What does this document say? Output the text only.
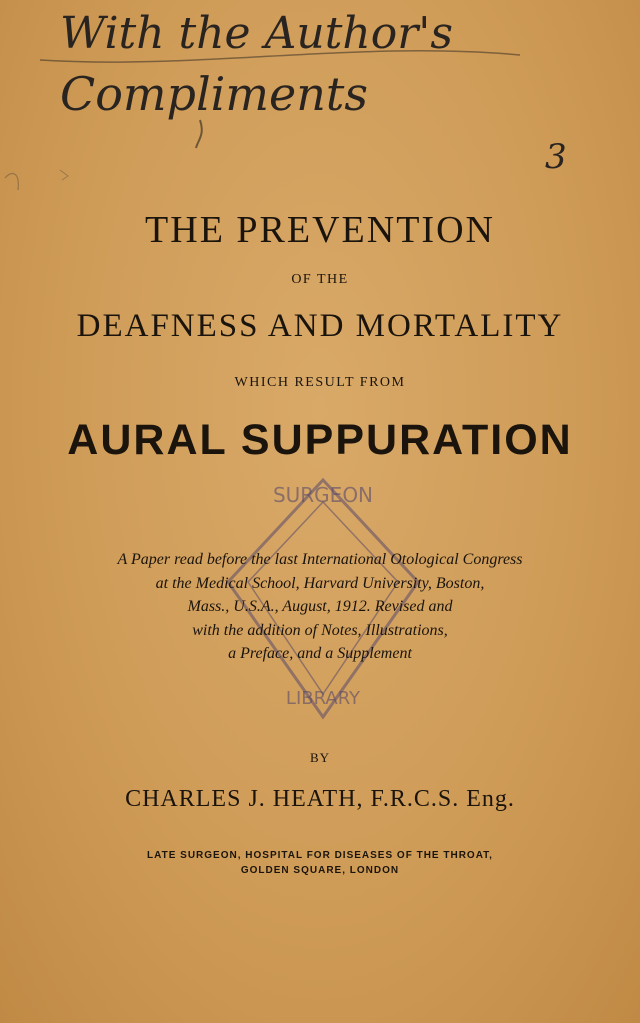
With the Author's
Compliments
3
THE PREVENTION
OF THE
DEAFNESS AND MORTALITY
WHICH RESULT FROM
AURAL SUPPURATION
SURGEON
LIBRARY
A Paper read before the last International Otological Congress
at the Medical School, Harvard University, Boston,
Mass., U.S.A., August, 1912. Revised and
with the addition of Notes, Illustrations,
a Preface, and a Supplement
BY
CHARLES J. HEATH, F.R.C.S. Eng.
LATE SURGEON, HOSPITAL FOR DISEASES OF THE THROAT,
GOLDEN SQUARE, LONDON
